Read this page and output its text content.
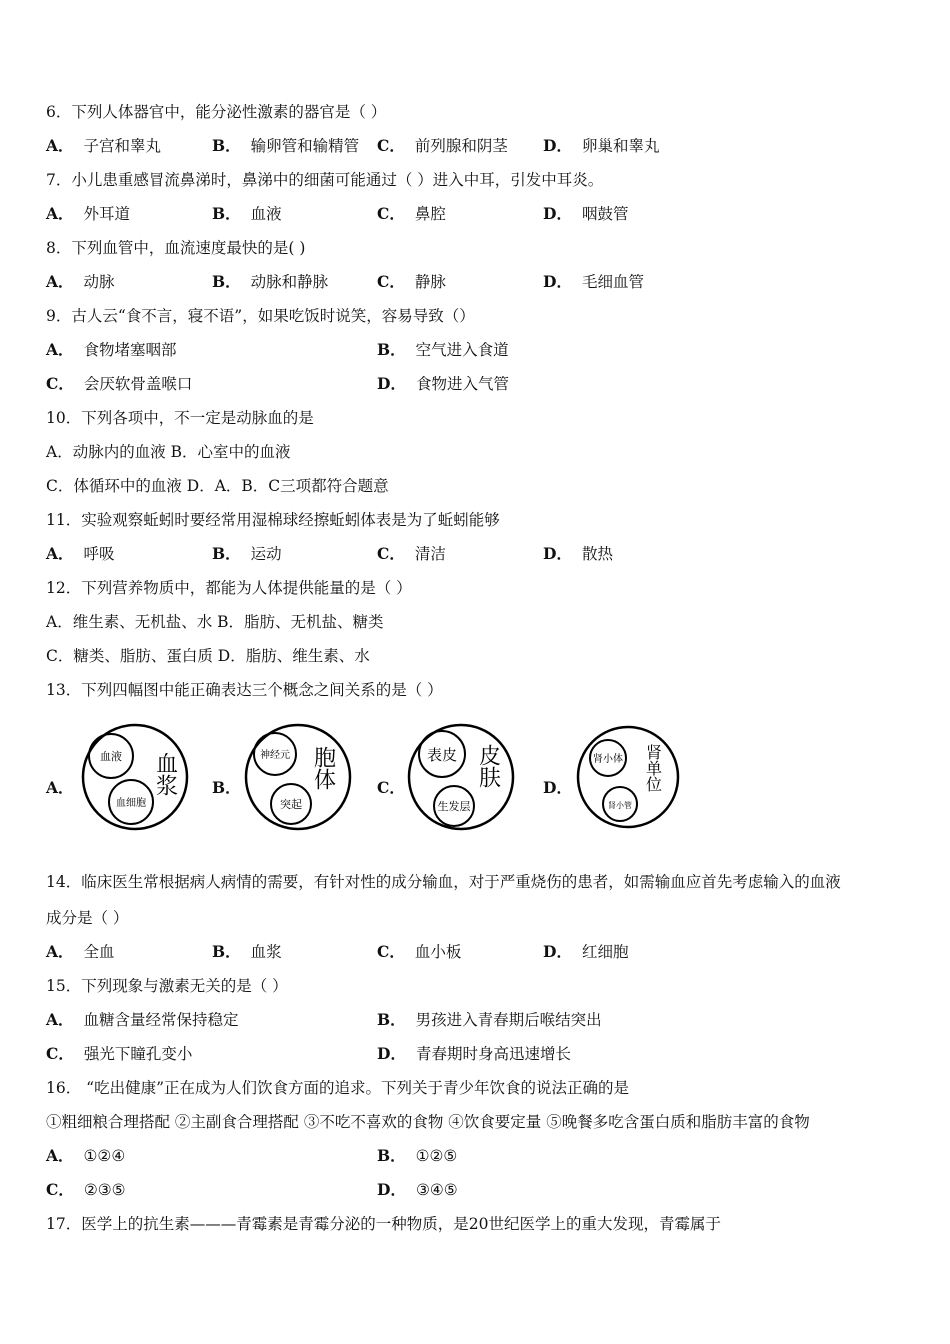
6．下列人体器官中，能分泌性激素的器官是（ ）
A． 子宫和睾丸	B． 输卵管和输精管 C． 前列腺和阴茎 D． 卵巢和睾丸
7．小儿患重感冒流鼻涕时，鼻涕中的细菌可能通过（ ）进入中耳，引发中耳炎。
A． 外耳道	B． 血液	C． 鼻腔	D． 咽鼓管
8．下列血管中，血流速度最快的是( )
A． 动脉	B． 动脉和静脉	C． 静脉	D． 毛细血管
9．古人云“食不言，寝不语”，如果吃饭时说笑，容易导致（）
A． 食物堵塞咽部	B． 空气进入食道
C． 会厌软骨盖喉口	D． 食物进入气管
10．下列各项中，不一定是动脉血的是
A．动脉内的血液 B．心室中的血液
C．体循环中的血液 D．A．B．C三项都符合题意
11．实验观察蚯蚓时要经常用湿棉球经擦蚯蚓体表是为了蚯蚓能够
A． 呼吸	B． 运动	C． 清洁	D． 散热
12．下列营养物质中，都能为人体提供能量的是（ ）
A．维生素、无机盐、水 B．脂肪、无机盐、糖类
C．糖类、脂肪、蛋白质 D．脂肪、维生素、水
13．下列四幅图中能正确表达三个概念之间关系的是（ ）
A．
血液
血细胞
血浆 B．
神经元
突起
胞体	C．
表皮
生发层
皮肤	D．
肾小体
肾小管
肾单位
14．临床医生常根据病人病情的需要，有针对性的成分输血，对于严重烧伤的患者，如需输血应首先考虑输入的血液
成分是（ ）
A． 全血	B． 血浆	C． 血小板	D． 红细胞
15．下列现象与激素无关的是（ ）
A． 血糖含量经常保持稳定	B． 男孩进入青春期后喉结突出
C． 强光下瞳孔变小	D． 青春期时身高迅速增长
16． “吃出健康”正在成为人们饮食方面的追求。下列关于青少年饮食的说法正确的是
①粗细粮合理搭配 ②主副食合理搭配 ③不吃不喜欢的食物 ④饮食要定量 ⑤晚餐多吃含蛋白质和脂肪丰富的食物
A． ①②④	B． ①②⑤
C． ②③⑤	D． ③④⑤
17．医学上的抗生素———青霉素是青霉分泌的一种物质，是20世纪医学上的重大发现，青霉属于
